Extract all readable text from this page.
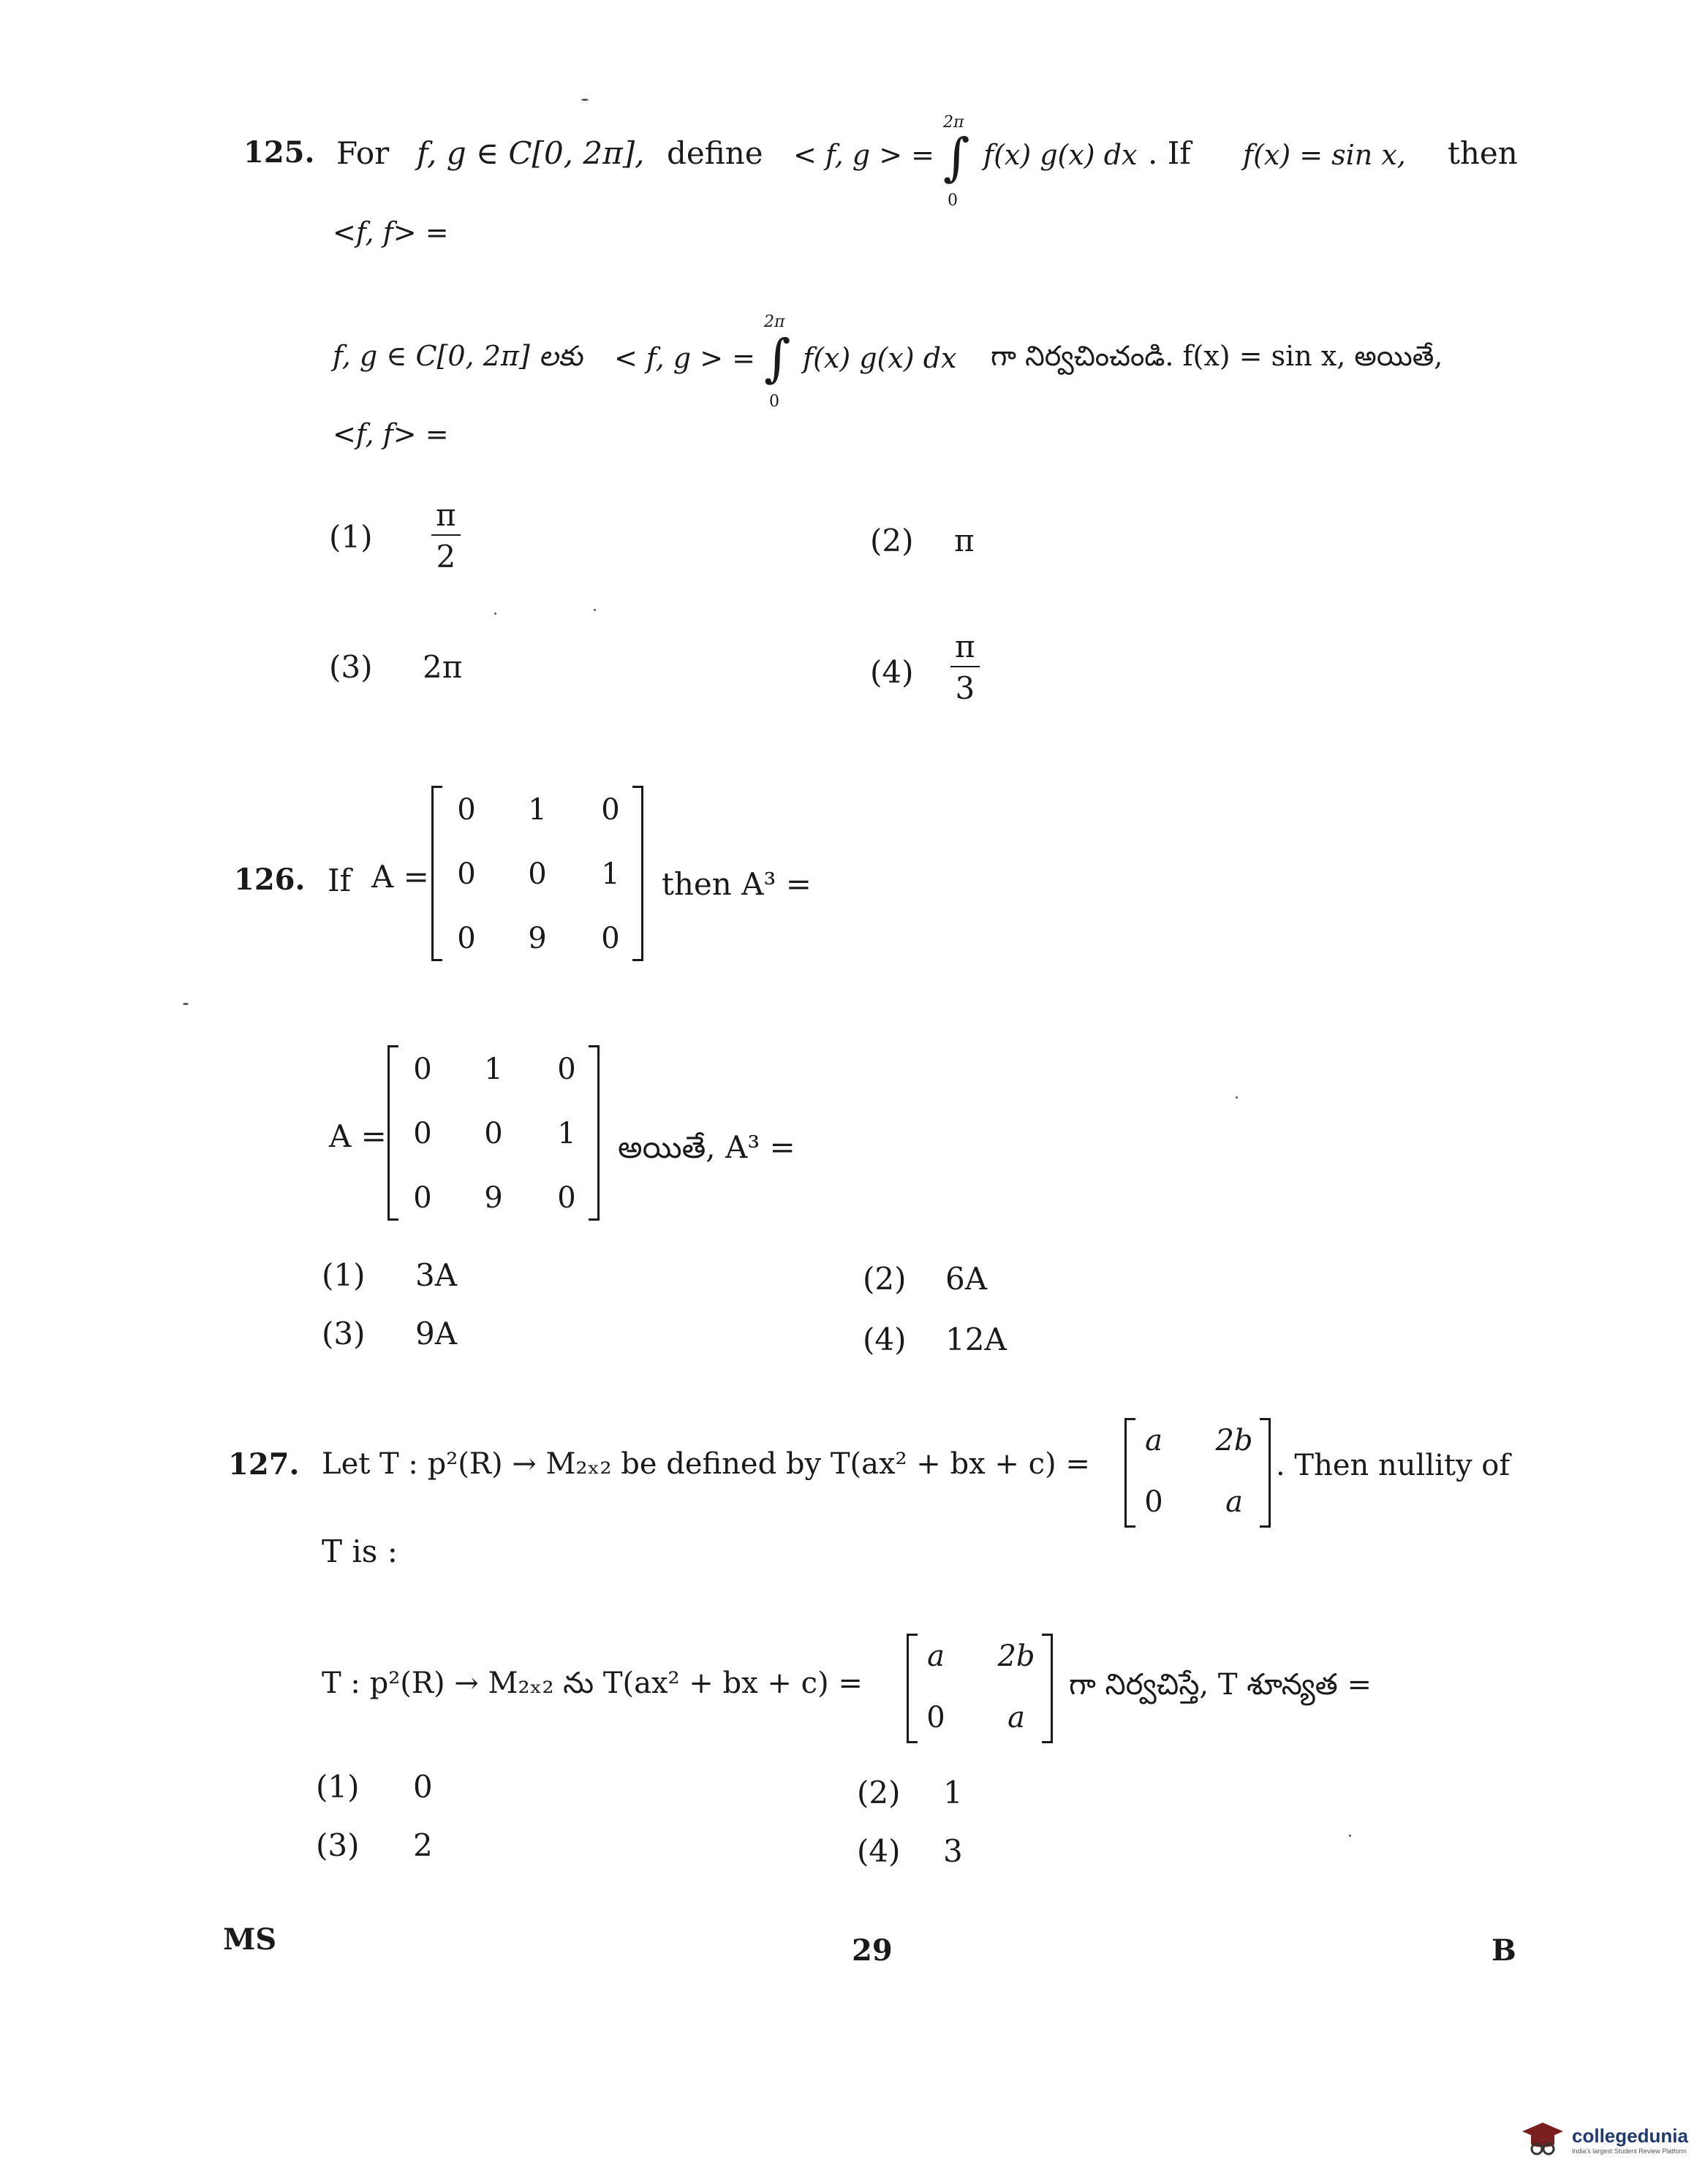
125. For f, g ∈ C[0, 2π], define < f, g > =
2π
∫
0
f(x) g(x) dx . If f(x) = sin x, then
<f, f> =
f, g ∈ C[0, 2π] లకు < f, g > =
2π
∫
0
f(x) g(x) dx గా నిర్వచించండి. f(x) = sin x, అయితే,
<f, f> =
$(1) \frac{\pi}{2}$	(2) π
(3) 2π	$(4) \frac{\pi}{3}$
126. If A =
0	1	0
0	0	1
0	9	0
then A³ =
A =
0	1	0
0	0	1
0	9	0
అయితే, A³ =
(1) 3A	(2) 6A
(3) 9A	(4) 12A
127. Let T : p²(R) → M₂ₓ₂ be defined by T(ax² + bx + c) =
a	2b
0	a
. Then nullity of
T is :
T : p²(R) → M₂ₓ₂ ను T(ax² + bx + c) =
a	2b
0	a
గా నిర్వచిస్తే, T శూన్యత =
(1) 0	(2) 1
(3) 2	(4) 3
MS	29	B
collegedunia
India's largest Student Review Platform
